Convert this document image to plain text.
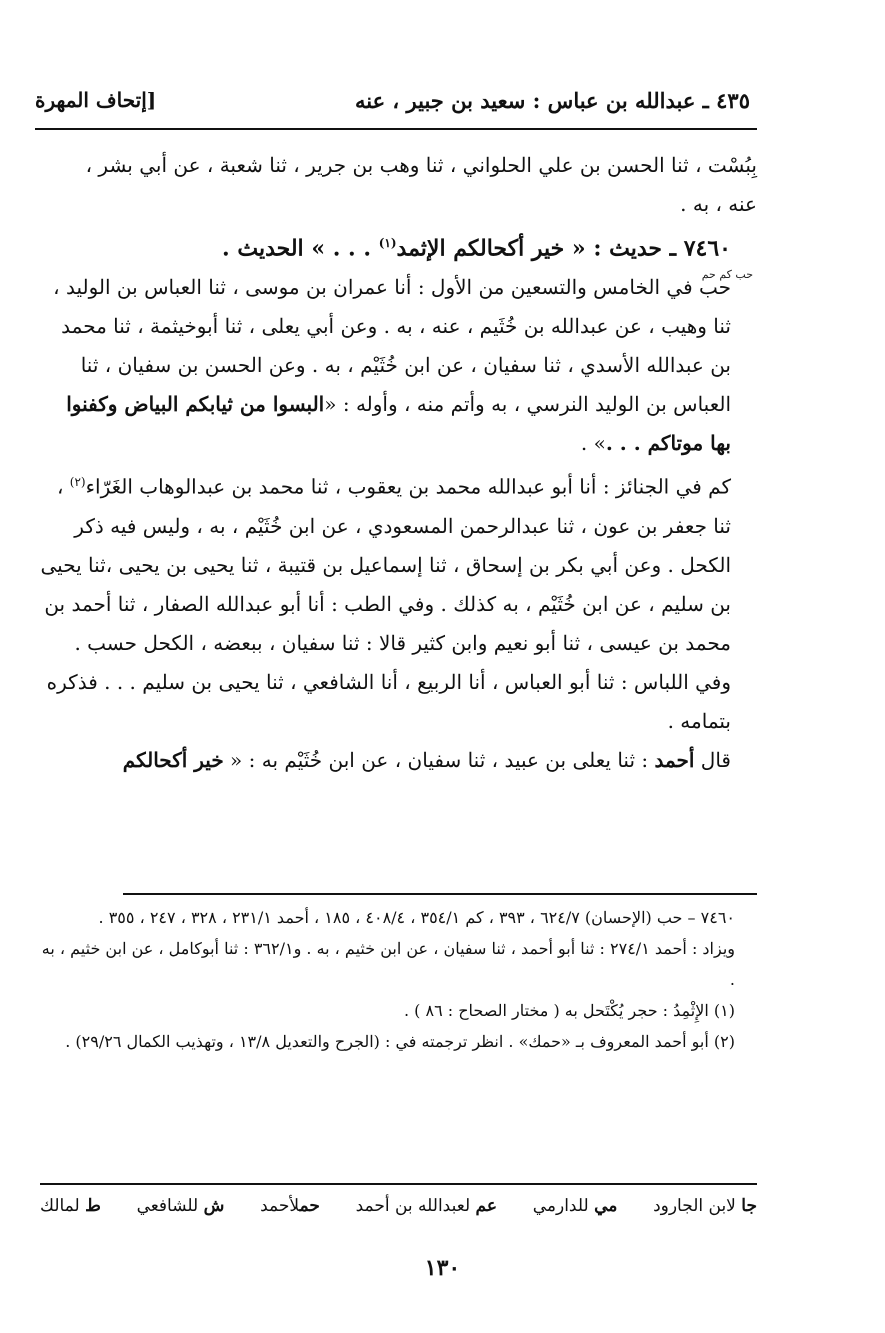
٤٣٥ ـ عبدالله بن عباس : سعيد بن جبير ، عنه
[إتحاف المهرة

بِبُسْت ، ثنا الحسن بن علي الحلواني ، ثنا وهب بن جرير ، ثنا شعبة ، عن أبي بشر ،

عنه ، به .

٧٤٦٠ ـ حديث : « خير أكحالكم الإثمد$^{(١)}$ . . . » الحديث .

حب في الخامس والتسعين من الأول : أنا عمران بن موسى ، ثنا العباس بن الوليد ، ثنا وهيب ، عن عبدالله بن خُثَيم ، عنه ، به . وعن أبي يعلى ، ثنا أبوخيثمة ، ثنا محمد بن عبدالله الأسدي ، ثنا سفيان ، عن ابن خُثَيْم ، به . وعن الحسن بن سفيان ، ثنا العباس بن الوليد النرسي ، به وأتم منه ، وأوله : «البسوا من ثيابكم البياض وكفنوا بها موتاكم . . .» .

كم في الجنائز : أنا أبو عبدالله محمد بن يعقوب ، ثنا محمد بن عبدالوهاب الغَرّاء$^{(٢)}$ ، ثنا جعفر بن عون ، ثنا عبدالرحمن المسعودي ، عن ابن خُثَيْم ، به ، وليس فيه ذكر الكحل . وعن أبي بكر بن إسحاق ، ثنا إسماعيل بن قتيبة ، ثنا يحيى بن يحيى ،ثنا يحيى بن سليم ، عن ابن خُثَيْم ، به كذلك . وفي الطب : أنا أبو عبدالله الصفار ، ثنا أحمد بن محمد بن عيسى ، ثنا أبو نعيم وابن كثير قالا : ثنا سفيان ، ببعضه ، الكحل حسب . وفي اللباس : ثنا أبو العباس ، أنا الربيع ، أنا الشافعي ، ثنا يحيى بن سليم . . . فذكره بتمامه .

قال أحمد : ثنا يعلى بن عبيد ، ثنا سفيان ، عن ابن خُثَيْم به : « خير أكحالكم

حب كم حم

٧٤٦٠ – حب (الإحسان) ٦٢٤/٧ ، ٣٩٣ ، كم ٣٥٤/١ ، ٤٠٨/٤ ، ١٨٥ ، أحمد ٢٣١/١ ، ٣٢٨ ، ٢٤٧ ، ٣٥٥ .

ويزاد : أحمد ٢٧٤/١ : ثنا أبو أحمد ، ثنا سفيان ، عن ابن خثيم ، به . و٣٦٢/١ : ثنا أبوكامل ، عن ابن خثيم ، به .

(١) الإِثْمِدُ : حجر يُكْتَحل به ( مختار الصحاح : ٨٦ ) .

(٢) أبو أحمد المعروف بـ «حمك» . انظر ترجمته في : (الجرح والتعديل ١٣/٨ ، وتهذيب الكمال ٢٩/٢٦) .

ط لمالك	ش للشافعي	حملأحمد	عم لعبدالله بن أحمد	مي للدارمي	جا لابن الجارود
١٣٠
